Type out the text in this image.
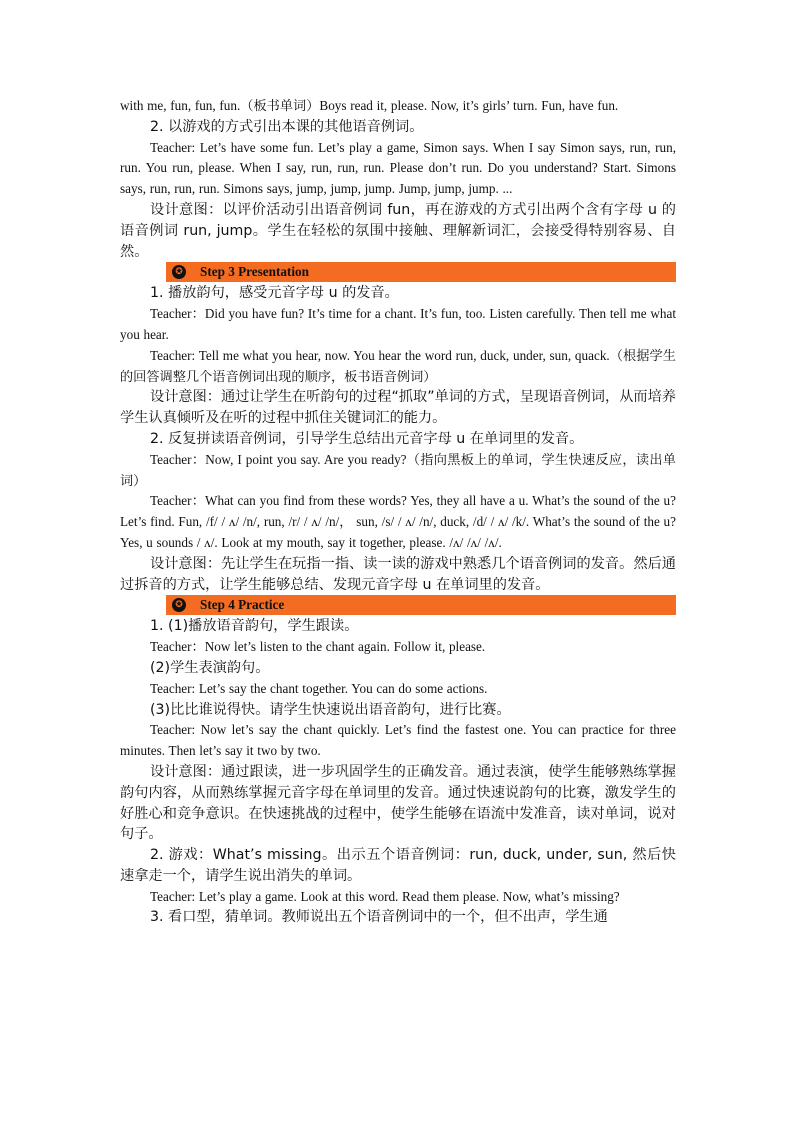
with me, fun, fun, fun.（板书单词）Boys read it, please. Now, it’s girls’ turn. Fun, have fun.

2. 以游戏的方式引出本课的其他语音例词。

Teacher: Let’s have some fun. Let’s play a game, Simon says. When I say Simon says, run, run, run. You run, please. When I say, run, run, run. Please don’t run. Do you understand? Start. Simons says, run, run, run. Simons says, jump, jump, jump. Jump, jump, jump. ...

设计意图：以评价活动引出语音例词 fun，再在游戏的方式引出两个含有字母 u 的语音例词 run, jump。学生在轻松的氛围中接触、理解新词汇，会接受得特别容易、自然。

✪ Step 3 Presentation

1. 播放韵句，感受元音字母 u 的发音。

Teacher：Did you have fun? It’s time for a chant. It’s fun, too. Listen carefully. Then tell me what you hear.

Teacher: Tell me what you hear, now. You hear the word run, duck, under, sun, quack.（根据学生的回答调整几个语音例词出现的顺序，板书语音例词）

设计意图：通过让学生在听韵句的过程“抓取”单词的方式，呈现语音例词，从而培养学生认真倾听及在听的过程中抓住关键词汇的能力。

2. 反复拼读语音例词，引导学生总结出元音字母 u 在单词里的发音。

Teacher：Now, I point you say. Are you ready?（指向黑板上的单词，学生快速反应，读出单词）

Teacher：What can you find from these words? Yes, they all have a u. What’s the sound of the u? Let’s find. Fun, /f/ / ʌ/ /n/, run, /r/ / ʌ/ /n/， sun, /s/ / ʌ/ /n/, duck, /d/ / ʌ/ /k/. What’s the sound of the u? Yes, u sounds / ʌ/. Look at my mouth, say it together, please. /ʌ/ /ʌ/ /ʌ/.

设计意图：先让学生在玩指一指、读一读的游戏中熟悉几个语音例词的发音。然后通过拆音的方式，让学生能够总结、发现元音字母 u 在单词里的发音。

✪ Step 4 Practice

1. (1)播放语音韵句，学生跟读。

Teacher：Now let’s listen to the chant again. Follow it, please.

(2)学生表演韵句。

Teacher: Let’s say the chant together. You can do some actions.

(3)比比谁说得快。请学生快速说出语音韵句，进行比赛。

Teacher: Now let’s say the chant quickly. Let’s find the fastest one. You can practice for three minutes. Then let’s say it two by two.

设计意图：通过跟读，进一步巩固学生的正确发音。通过表演，使学生能够熟练掌握韵句内容，从而熟练掌握元音字母在单词里的发音。通过快速说韵句的比赛，激发学生的好胜心和竞争意识。在快速挑战的过程中，使学生能够在语流中发准音，读对单词，说对句子。

2. 游戏：What’s missing。出示五个语音例词：run, duck, under, sun, 然后快速拿走一个，请学生说出消失的单词。

Teacher: Let’s play a game. Look at this word. Read them please. Now, what’s missing?

3. 看口型，猜单词。教师说出五个语音例词中的一个，但不出声，学生通
